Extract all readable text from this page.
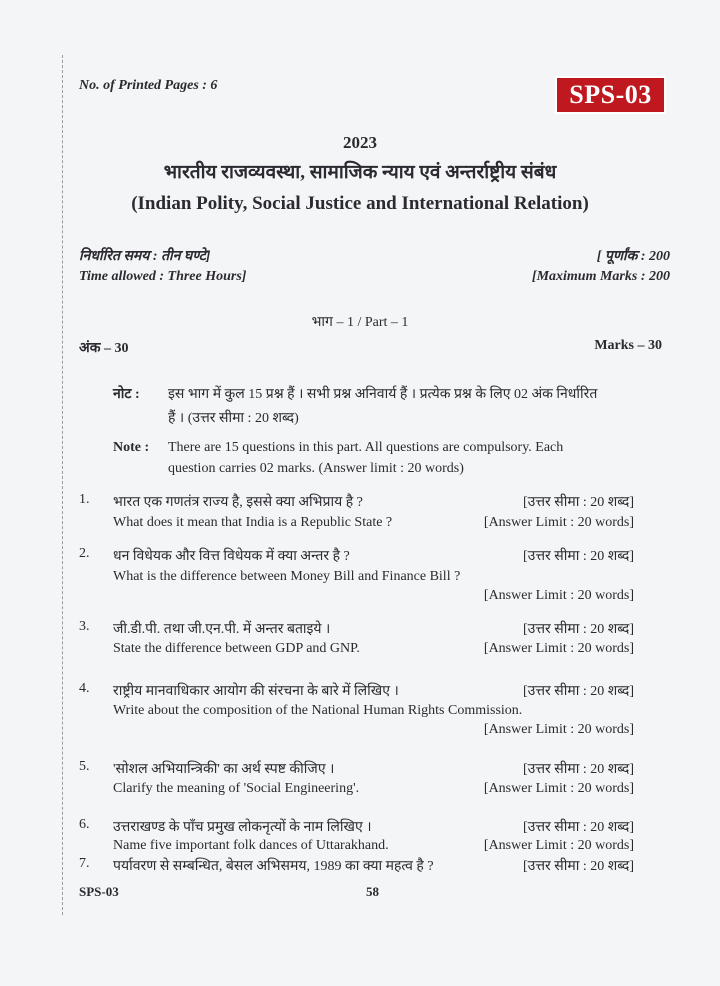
No. of Printed Pages : 6	SPS-03
2023
भारतीय राजव्यवस्था, सामाजिक न्याय एवं अन्तर्राष्ट्रीय संबंध
(Indian Polity, Social Justice and International Relation)
निर्धारित समय : तीन घण्टे]
Time allowed : Three Hours]
[ पूर्णांक : 200
[Maximum Marks : 200
भाग – 1 / Part – 1
अंक – 30	Marks – 30
नोट : इस भाग में कुल 15 प्रश्न हैं । सभी प्रश्न अनिवार्य हैं । प्रत्येक प्रश्न के लिए 02 अंक निर्धारित
हैं । (उत्तर सीमा : 20 शब्द)
Note : There are 15 questions in this part. All questions are compulsory. Each
question carries 02 marks. (Answer limit : 20 words)
1. भारत एक गणतंत्र राज्य है, इससे क्या अभिप्राय है ?	[उत्तर सीमा : 20 शब्द]
What does it mean that India is a Republic State ?	[Answer Limit : 20 words]
2. धन विधेयक और वित्त विधेयक में क्या अन्तर है ?	[उत्तर सीमा : 20 शब्द]
What is the difference between Money Bill and Finance Bill ?
[Answer Limit : 20 words]
3. जी.डी.पी. तथा जी.एन.पी. में अन्तर बताइये ।	[उत्तर सीमा : 20 शब्द]
State the difference between GDP and GNP.	[Answer Limit : 20 words]
4. राष्ट्रीय मानवाधिकार आयोग की संरचना के बारे में लिखिए ।	[उत्तर सीमा : 20 शब्द]
Write about the composition of the National Human Rights Commission.
[Answer Limit : 20 words]
5. 'सोशल अभियान्त्रिकी' का अर्थ स्पष्ट कीजिए ।	[उत्तर सीमा : 20 शब्द]
Clarify the meaning of 'Social Engineering'.	[Answer Limit : 20 words]
6. उत्तराखण्ड के पाँच प्रमुख लोकनृत्यों के नाम लिखिए ।	[उत्तर सीमा : 20 शब्द]
Name five important folk dances of Uttarakhand.	[Answer Limit : 20 words]
7. पर्यावरण से सम्बन्धित, बेसल अभिसमय, 1989 का क्या महत्व है ?	[उत्तर सीमा : 20 शब्द]
SPS-03	58
